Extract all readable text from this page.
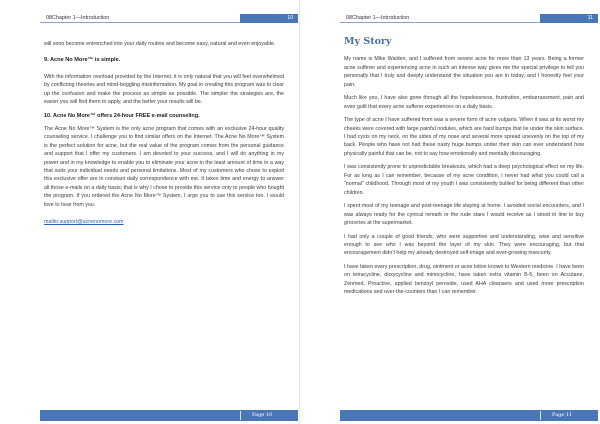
08Chapter 1—Introduction	10

will soon become entrenched into your daily routine and become easy, natural and even enjoyable.

9. Acne No More™ is simple.

With the information overload provided by the Internet, it is only natural that you will feel overwhelmed by conflicting theories and mind-boggling misinformation. My goal in creating this program was to clear up the confusion and make the process as simple as possible. The simpler the strategies are, the easier you will find them to apply, and the better your results will be.

10. Acne No More™ offers 24-hour FREE e-mail counseling.

The Acne No More™ System is the only acne program that comes with an exclusive 24-hour quality counseling service. I challenge you to find similar offers on the Internet. The Acne No More™ System is the perfect solution for acne, but the real value of the program comes from the personal guidance and support that I offer my customers. I am devoted to your success, and I will do anything in my power and in my knowledge to enable you to eliminate your acne in the least amount of time in a way that suits your individual needs and personal limitations. Most of my customers who chose to exploit this exclusive offer are in constant daily correspondence with me. It takes time and energy to answer all those e-mails on a daily basis; that is why I chose to provide this service only to people who bought the program. If you ordered the Acne No More™ System, I urge you to use this service too. I would love to hear from you.

mailto:support@acnenomore.com

Page 10
08Chapter 1—Introduction	11
My Story

My name is Mike Walden, and I suffered from severe acne for more than 13 years. Being a former acne sufferer and experiencing acne in such an intense way gives me the special privilege to tell you personally that I truly and deeply understand the situation you are in today, and I honestly feel your pain.

Much like you, I have also gone through all the hopelessness, frustration, embarrassment, pain and even guilt that every acne sufferer experiences on a daily basis.

The type of acne I have suffered from was a severe form of acne vulgaris. When it was at its worst my cheeks were covered with large painful nodules, which are hard bumps that lie under the skin surface. I had cysts on my neck, on the sides of my nose and several more spread unevenly on the top of my back. People who have not had these nasty huge bumps under their skin can ever understand how physically painful that can be, not to say how emotionally and mentally discouraging.

I was consistently prone to unpredictable breakouts, which had a deep psychological effect on my life. For as long as I can remember, because of my acne condition, I never had what you could call a “normal” childhood. Through most of my youth I was consistently bullied for being different than other children.

I spent most of my teenage and post-teenage life staying at home. I avoided social encounters, and I was always ready for the cynical remark or the rude stare I would receive as I stood in line to buy groceries at the supermarket.

I had only a couple of good friends, who were supportive and understanding, wise and sensitive enough to see who I was beyond the layer of my skin. They were encouraging, but that encouragement didn’t help my already destroyed self-image and ever-growing insecurity.

I have taken every prescription, drug, ointment or acne lotion known to Western medicine. I have been on tetracycline, doxycycline and minocycline, have taken extra vitamin B-5, been on Accutane, Zenmed, Proactive, applied benzoyl peroxide, used AHA cleansers and used more prescription medications and over-the-counters than I can remember.

Page 11
